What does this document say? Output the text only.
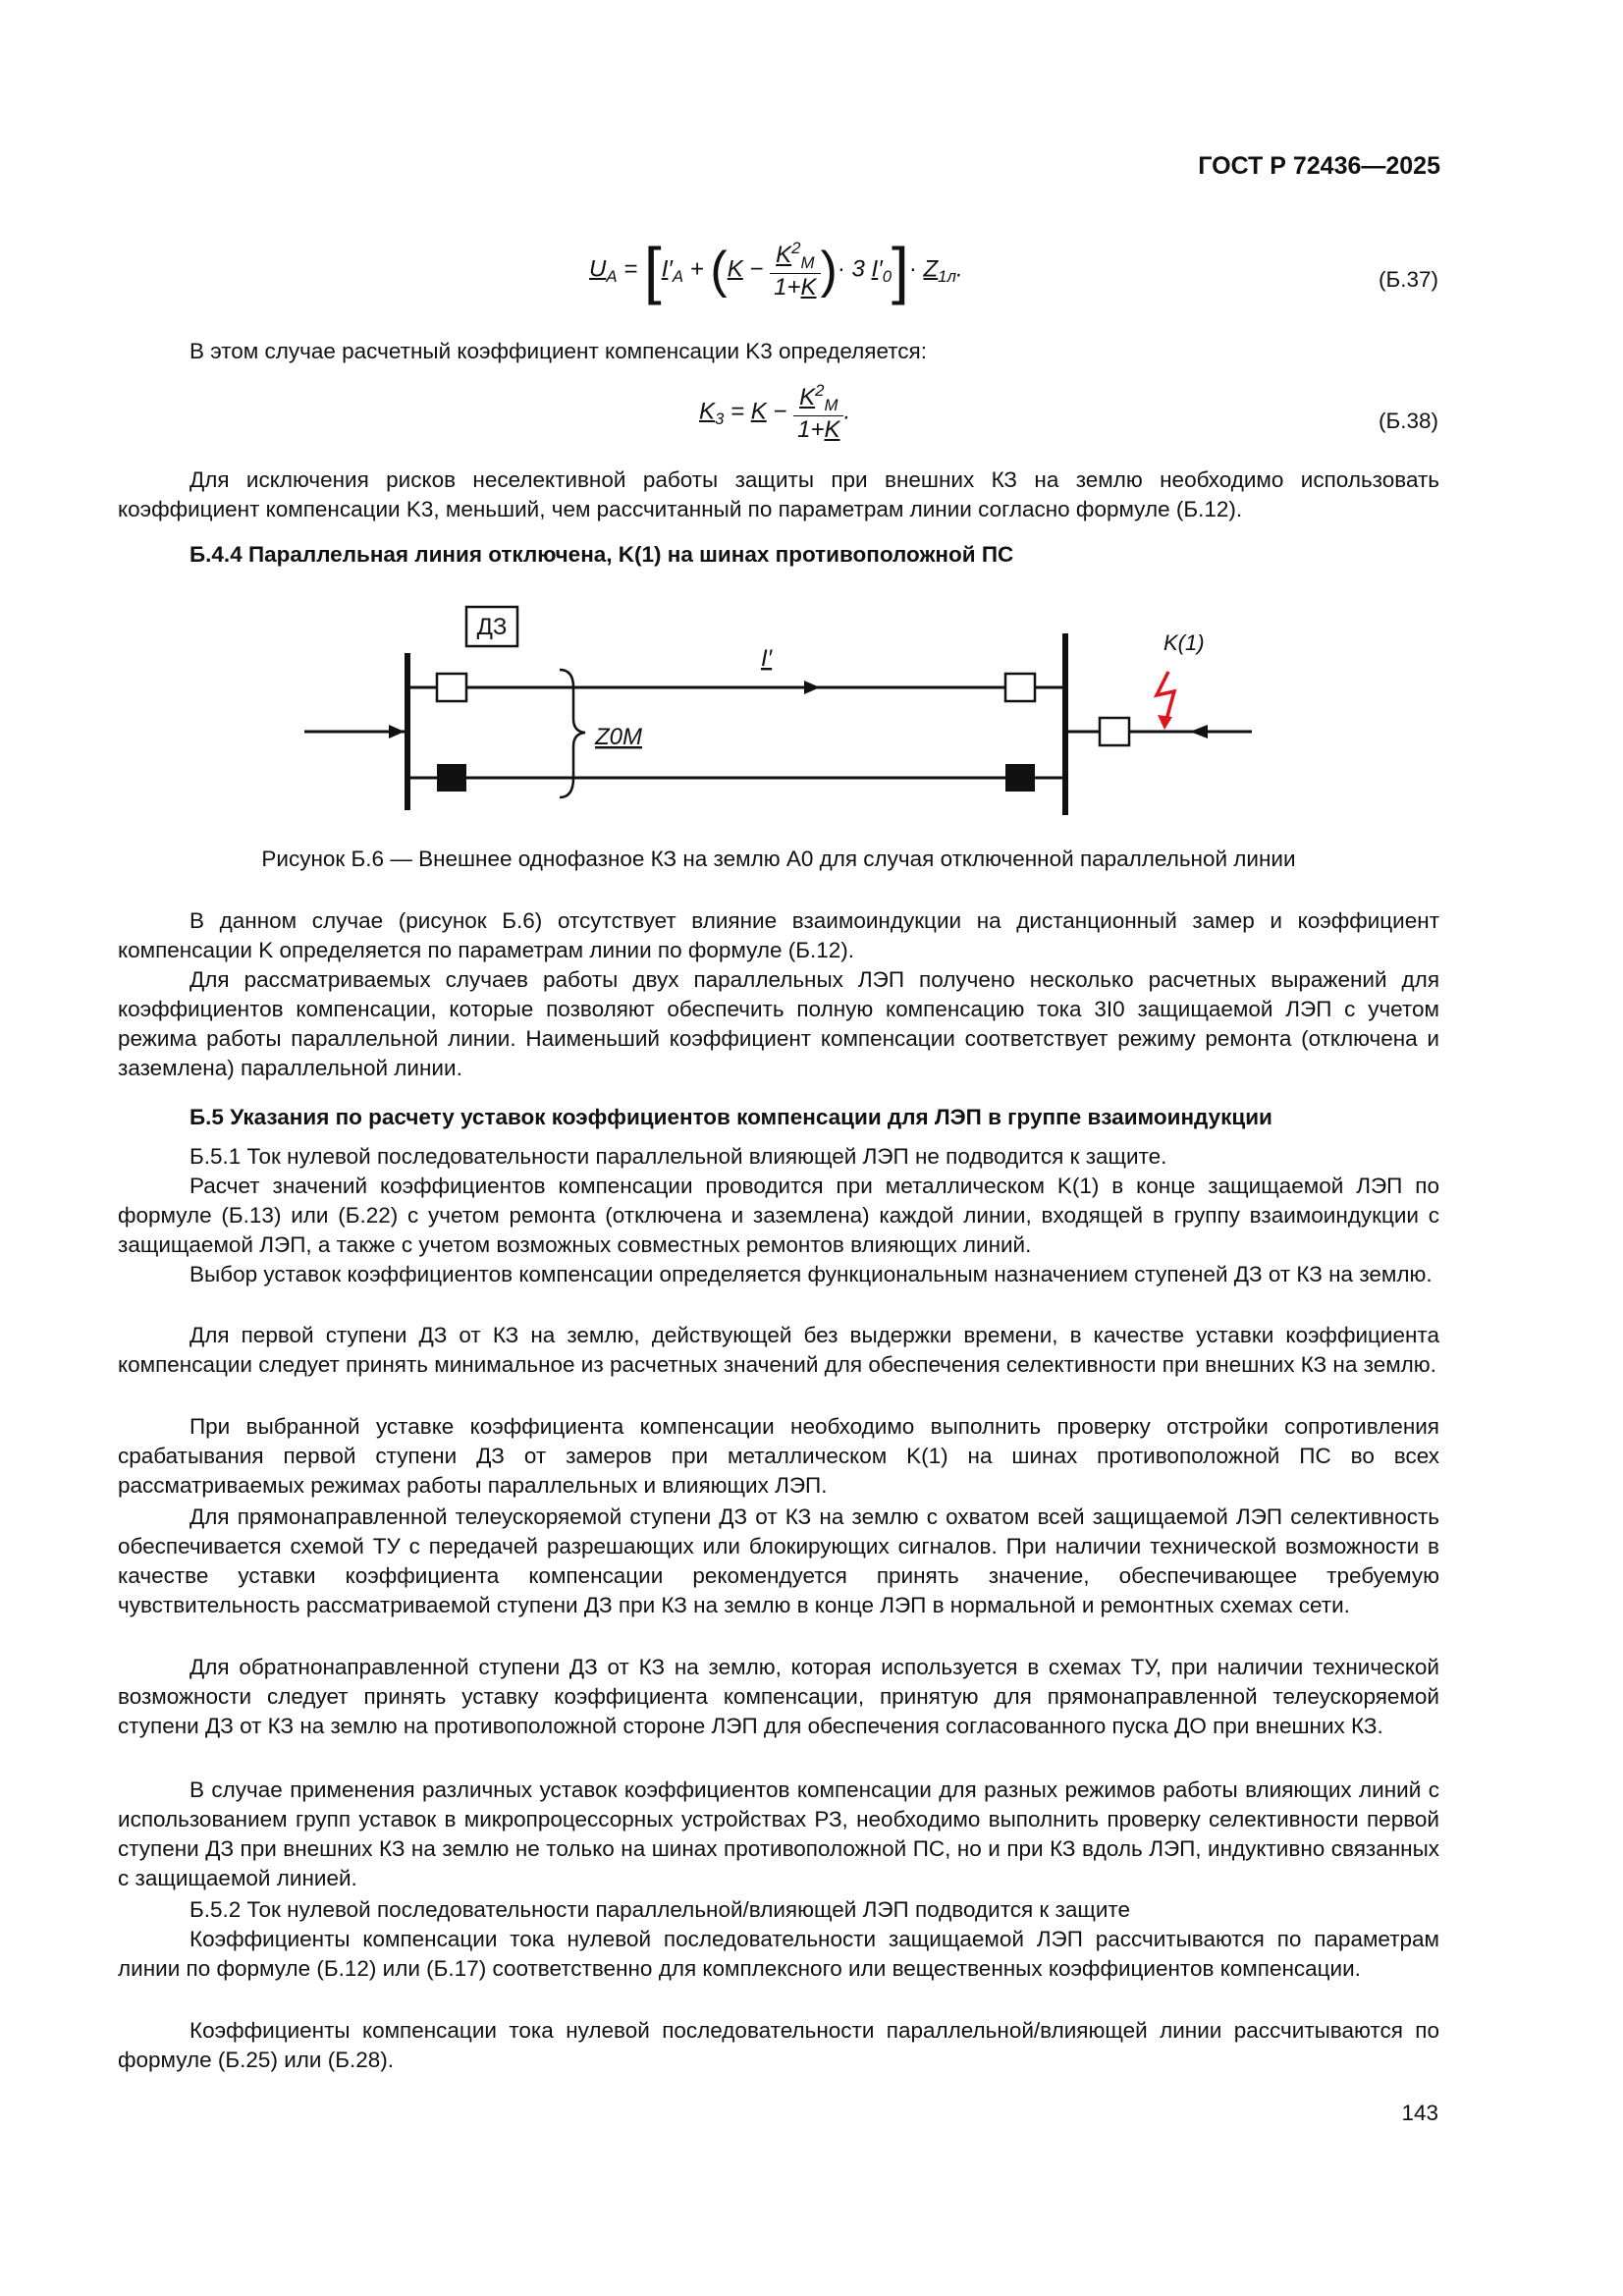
ГОСТ Р 72436—2025
$U_A = [I'_A + (K - \frac{K^2_M}{1+K}$ )· 3 $I'_0]\cdot Z_{1л}$.	(Б.37)
В этом случае расчетный коэффициент компенсации K3 определяется:
$K_3 = K - \frac{K^2_M}{1+K}$ .	(Б.38)
Для исключения рисков неселективной работы защиты при внешних КЗ на землю необходимо использовать коэффициент компенсации K3, меньший, чем рассчитанный по параметрам линии согласно формуле (Б.12).
Б.4.4 Параллельная линия отключена, K(1) на шинах противоположной ПС
ДЗ
I′
Z0M
K(1)
Рисунок Б.6 — Внешнее однофазное КЗ на землю А0 для случая отключенной параллельной линии
В данном случае (рисунок Б.6) отсутствует влияние взаимоиндукции на дистанционный замер и коэффициент компенсации K определяется по параметрам линии по формуле (Б.12).
Для рассматриваемых случаев работы двух параллельных ЛЭП получено несколько расчетных выражений для коэффициентов компенсации, которые позволяют обеспечить полную компенсацию тока 3I0 защищаемой ЛЭП с учетом режима работы параллельной линии. Наименьший коэффициент компенсации соответствует режиму ремонта (отключена и заземлена) параллельной линии.
Б.5 Указания по расчету уставок коэффициентов компенсации для ЛЭП в группе взаимоиндукции
Б.5.1 Ток нулевой последовательности параллельной влияющей ЛЭП не подводится к защите.
Расчет значений коэффициентов компенсации проводится при металлическом K(1) в конце защищаемой ЛЭП по формуле (Б.13) или (Б.22) с учетом ремонта (отключена и заземлена) каждой линии, входящей в группу взаимоиндукции с защищаемой ЛЭП, а также с учетом возможных совместных ремонтов влияющих линий.
Выбор уставок коэффициентов компенсации определяется функциональным назначением ступеней ДЗ от КЗ на землю.
Для первой ступени ДЗ от КЗ на землю, действующей без выдержки времени, в качестве уставки коэффициента компенсации следует принять минимальное из расчетных значений для обеспечения селективности при внешних КЗ на землю.
При выбранной уставке коэффициента компенсации необходимо выполнить проверку отстройки сопротивления срабатывания первой ступени ДЗ от замеров при металлическом K(1) на шинах противоположной ПС во всех рассматриваемых режимах работы параллельных и влияющих ЛЭП.
Для прямонаправленной телеускоряемой ступени ДЗ от КЗ на землю с охватом всей защищаемой ЛЭП селективность обеспечивается схемой ТУ с передачей разрешающих или блокирующих сигналов. При наличии технической возможности в качестве уставки коэффициента компенсации рекомендуется принять значение, обеспечивающее требуемую чувствительность рассматриваемой ступени ДЗ при КЗ на землю в конце ЛЭП в нормальной и ремонтных схемах сети.
Для обратнонаправленной ступени ДЗ от КЗ на землю, которая используется в схемах ТУ, при наличии технической возможности следует принять уставку коэффициента компенсации, принятую для прямонаправленной телеускоряемой ступени ДЗ от КЗ на землю на противоположной стороне ЛЭП для обеспечения согласованного пуска ДО при внешних КЗ.
В случае применения различных уставок коэффициентов компенсации для разных режимов работы влияющих линий с использованием групп уставок в микропроцессорных устройствах РЗ, необходимо выполнить проверку селективности первой ступени ДЗ при внешних КЗ на землю не только на шинах противоположной ПС, но и при КЗ вдоль ЛЭП, индуктивно связанных с защищаемой линией.
Б.5.2 Ток нулевой последовательности параллельной/влияющей ЛЭП подводится к защите
Коэффициенты компенсации тока нулевой последовательности защищаемой ЛЭП рассчитываются по параметрам линии по формуле (Б.12) или (Б.17) соответственно для комплексного или вещественных коэффициентов компенсации.
Коэффициенты компенсации тока нулевой последовательности параллельной/влияющей линии рассчитываются по формуле (Б.25) или (Б.28).
143
